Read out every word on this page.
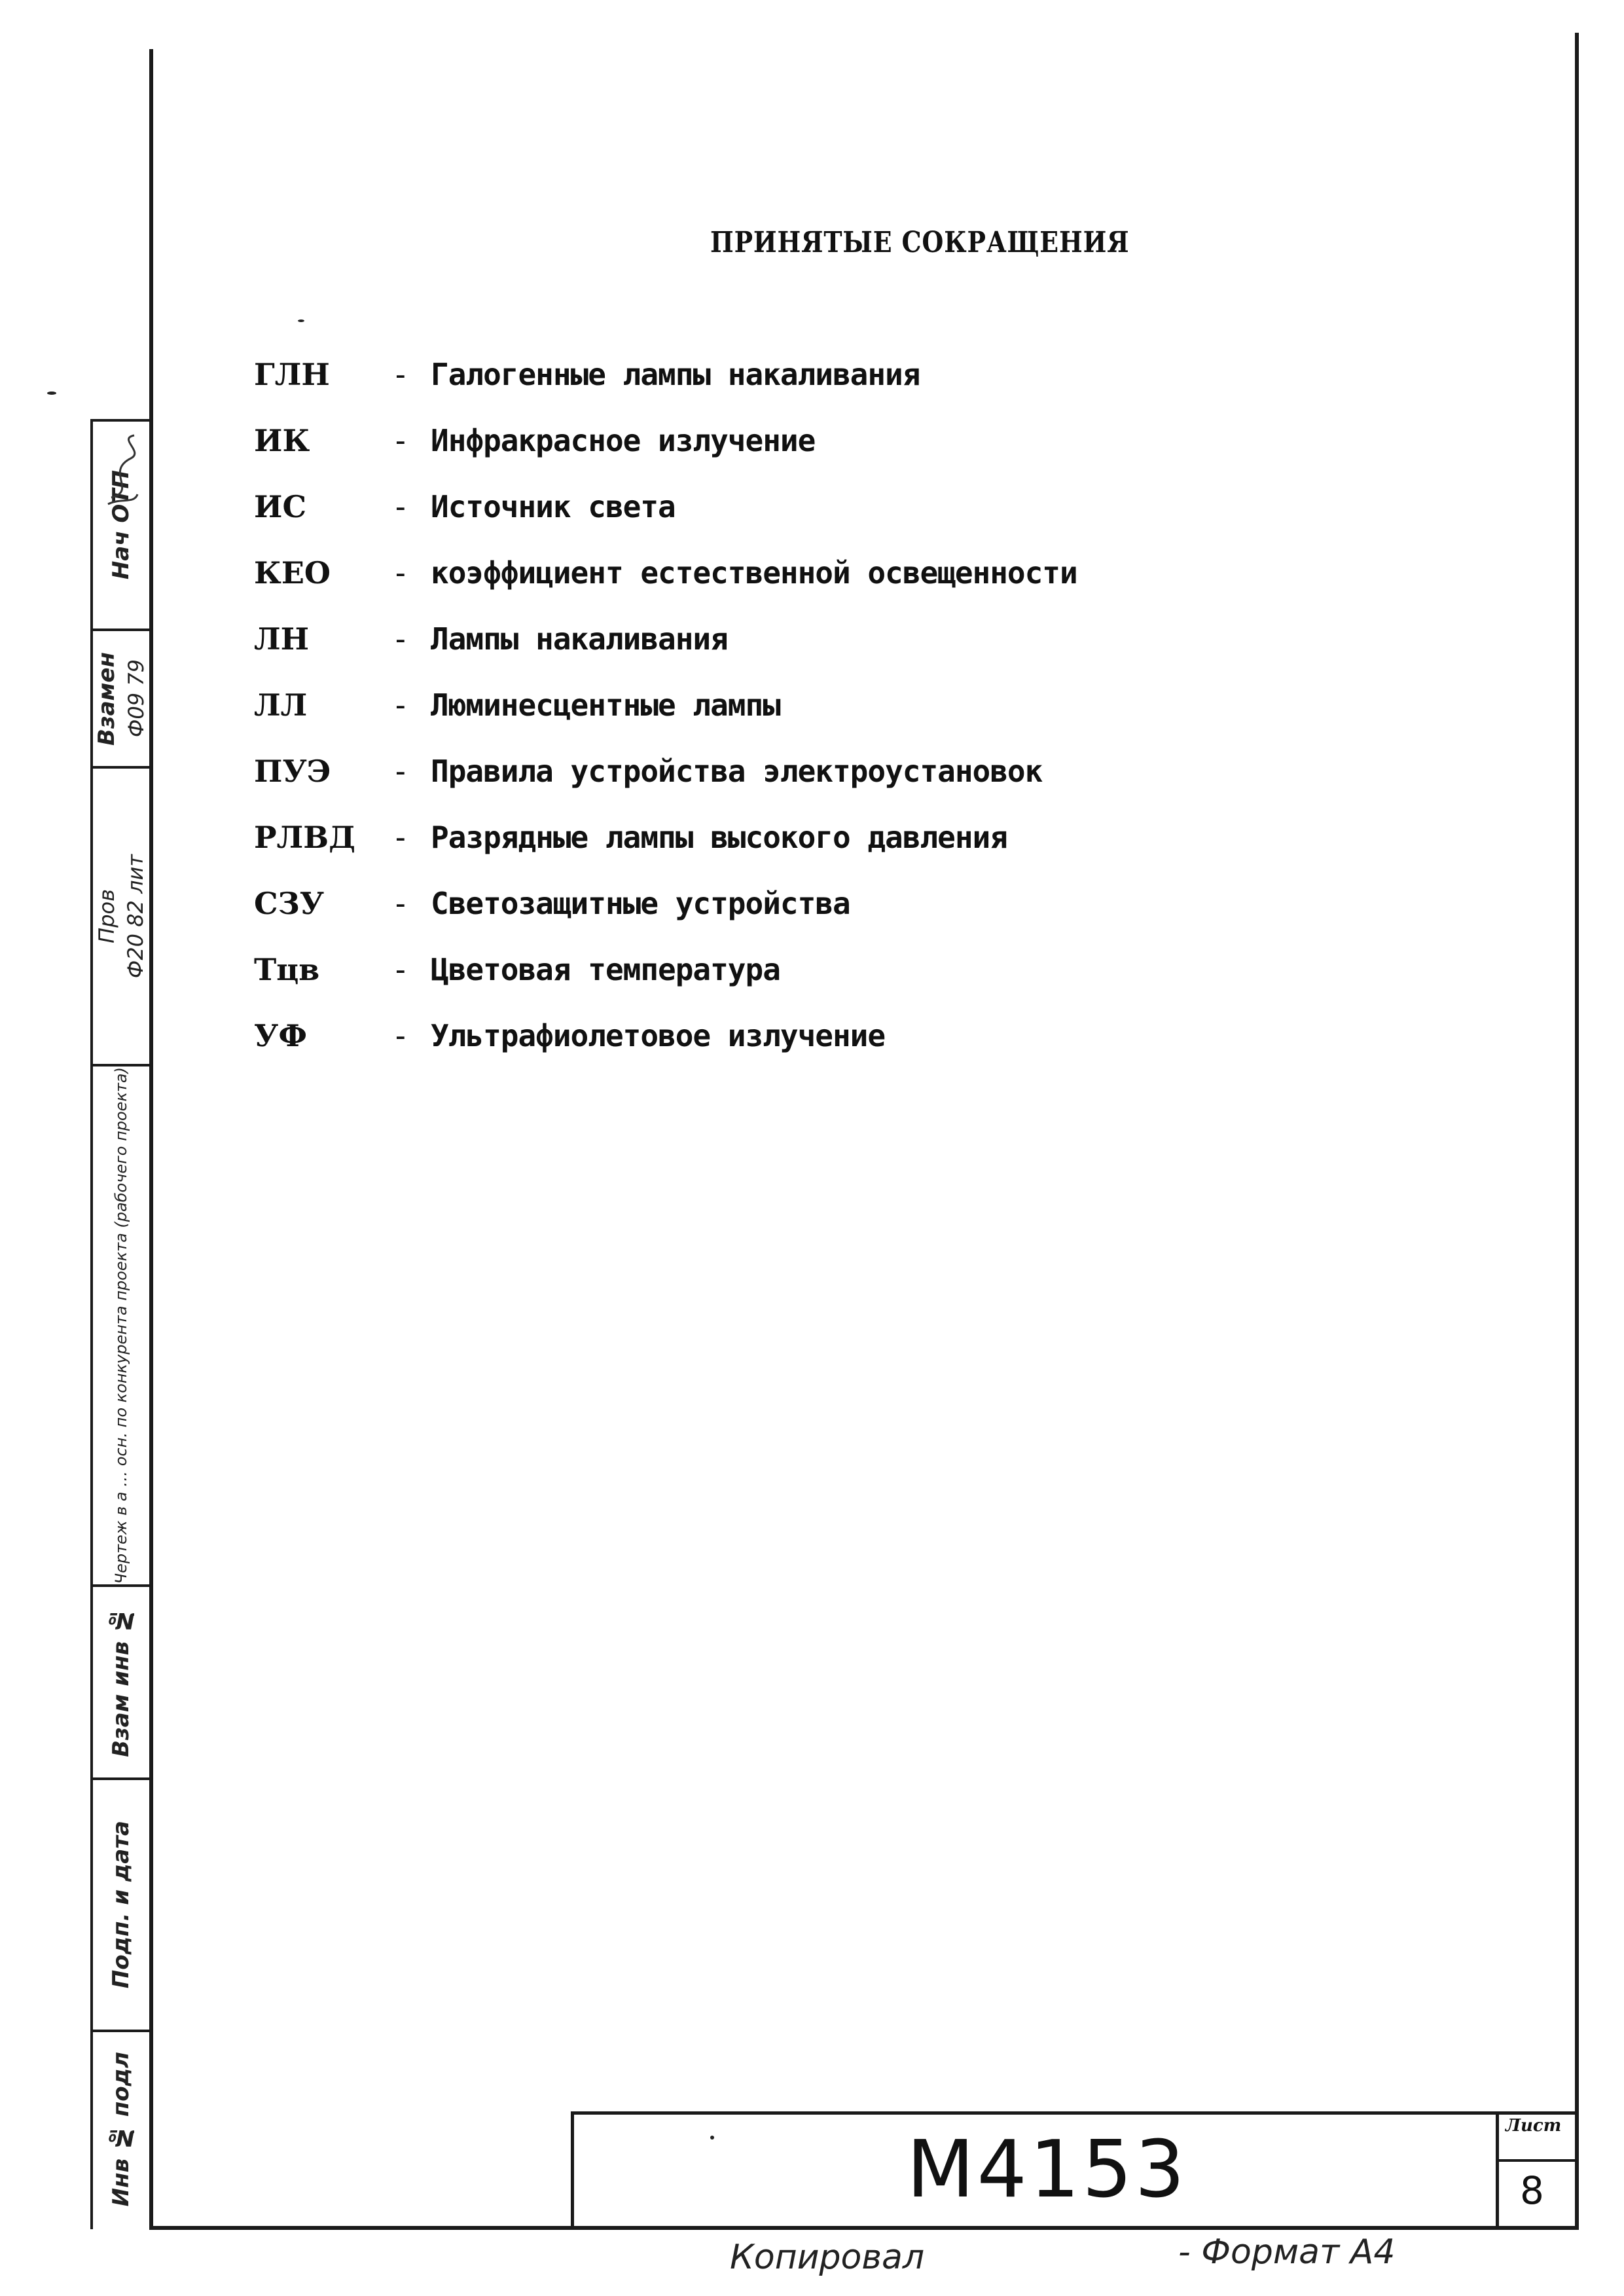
Нач ОТП
Взамен Ф09 79
Пров Ф20 82 лит
Чертеж в а … осн. по конкурента проекта (рабочего проекта)
Взам инв №
Подп. и дата
Инв № подл
ПРИНЯТЫЕ СОКРАЩЕНИЯ
ГЛН - Галогенные лампы накаливания
ИК	- Инфракрасное излучение
ИС	- Источник света
КЕО - коэффициент естественной освещенности
ЛН	- Лампы накаливания
ЛЛ	- Люминесцентные лампы
ПУЭ - Правила устройства электроустановок
РЛВД - Разрядные лампы высокого давления
СЗУ - Светозащитные устройства
Тцв - Цветовая температура
УФ	- Ультрафиолетовое излучение
М4153	Лист
8
Копировал	- Формат А4
